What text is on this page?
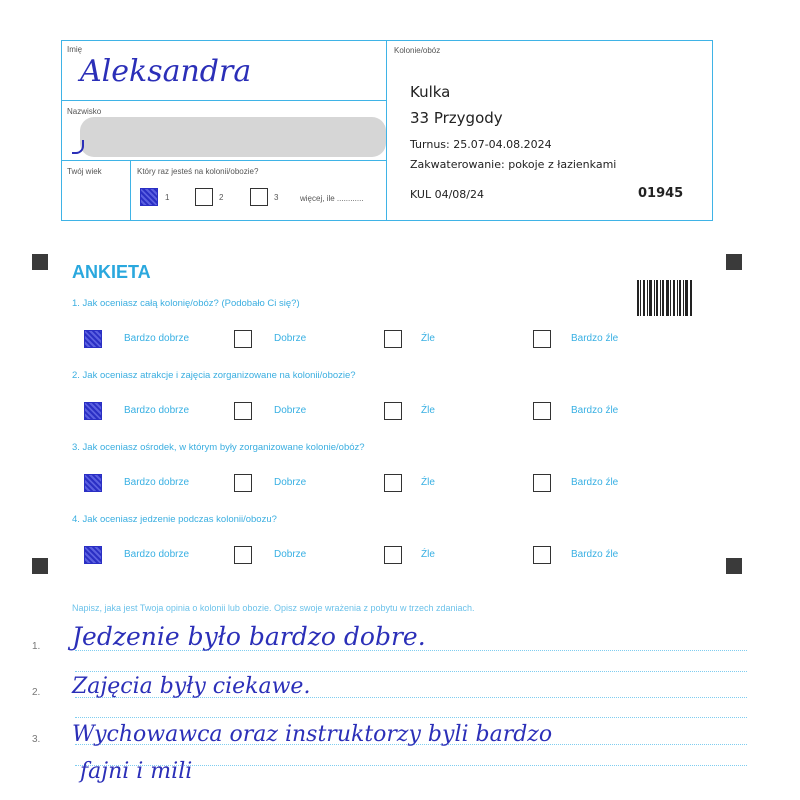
Imię
Aleksandra
Nazwisko
Twój wiek	Który raz jesteś na kolonii/obozie?
1	2	3	więcej, ile ............
Kolonie/obóz
Kulka
33 Przygody
Turnus: 25.07-04.08.2024
Zakwaterowanie: pokoje z łazienkami
KUL 04/08/24	01945
ANKIETA
1. Jak oceniasz całą kolonię/obóz? (Podobało Ci się?)
Bardzo dobrze	Dobrze	Źle	Bardzo źle
2. Jak oceniasz atrakcje i zajęcia zorganizowane na kolonii/obozie?
Bardzo dobrze	Dobrze	Źle	Bardzo źle
3. Jak oceniasz ośrodek, w którym były zorganizowane kolonie/obóz?
Bardzo dobrze	Dobrze	Źle	Bardzo źle
4. Jak oceniasz jedzenie podczas kolonii/obozu?
Bardzo dobrze	Dobrze	Źle	Bardzo źle
Napisz, jaka jest Twoja opinia o kolonii lub obozie. Opisz swoje wrażenia z pobytu w trzech zdaniach.
1.
2.
3.
Jedzenie było bardzo dobre.
Zajęcia były ciekawe.
Wychowawca oraz instruktorzy byli bardzo
fajni i mili
